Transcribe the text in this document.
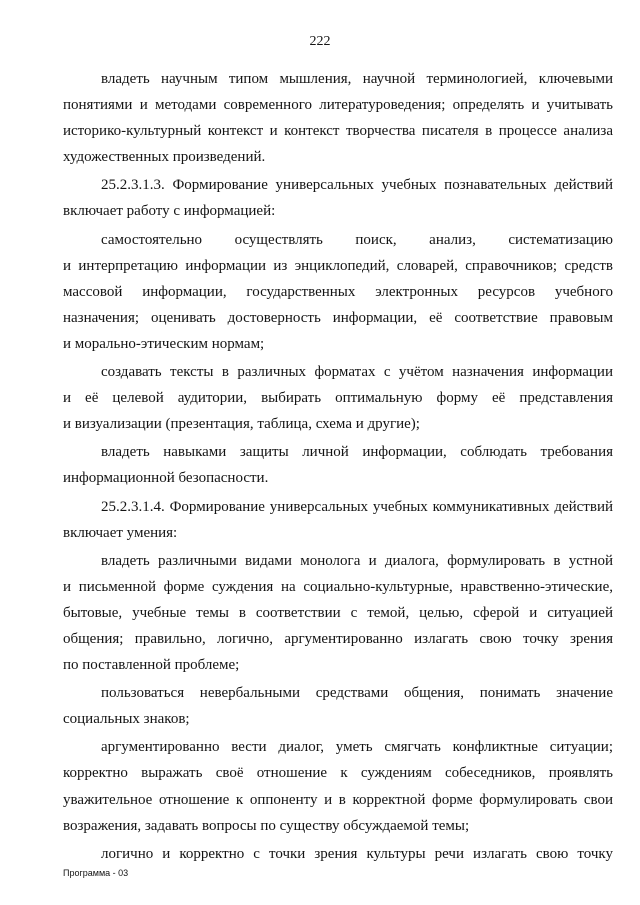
222
владеть научным типом мышления, научной терминологией, ключевыми
понятиями и методами современного литературоведения; определять и учитывать
историко-культурный контекст и контекст творчества писателя в процессе анализа
художественных произведений.
25.2.3.1.3. Формирование универсальных учебных познавательных действий
включает работу с информацией:
самостоятельно осуществлять поиск, анализ, систематизацию
и интерпретацию информации из энциклопедий, словарей, справочников; средств
массовой информации, государственных электронных ресурсов учебного
назначения; оценивать достоверность информации, её соответствие правовым
и морально-этическим нормам;
создавать тексты в различных форматах с учётом назначения информации
и её целевой аудитории, выбирать оптимальную форму её представления
и визуализации (презентация, таблица, схема и другие);
владеть навыками защиты личной информации, соблюдать требования
информационной безопасности.
25.2.3.1.4. Формирование универсальных учебных коммуникативных действий
включает умения:
владеть различными видами монолога и диалога, формулировать в устной
и письменной форме суждения на социально-культурные, нравственно-этические,
бытовые, учебные темы в соответствии с темой, целью, сферой и ситуацией
общения; правильно, логично, аргументированно излагать свою точку зрения
по поставленной проблеме;
пользоваться невербальными средствами общения, понимать значение
социальных знаков;
аргументированно вести диалог, уметь смягчать конфликтные ситуации;
корректно выражать своё отношение к суждениям собеседников, проявлять
уважительное отношение к оппоненту и в корректной форме формулировать свои
возражения, задавать вопросы по существу обсуждаемой темы;
логично и корректно с точки зрения культуры речи излагать свою точку
Программа - 03
